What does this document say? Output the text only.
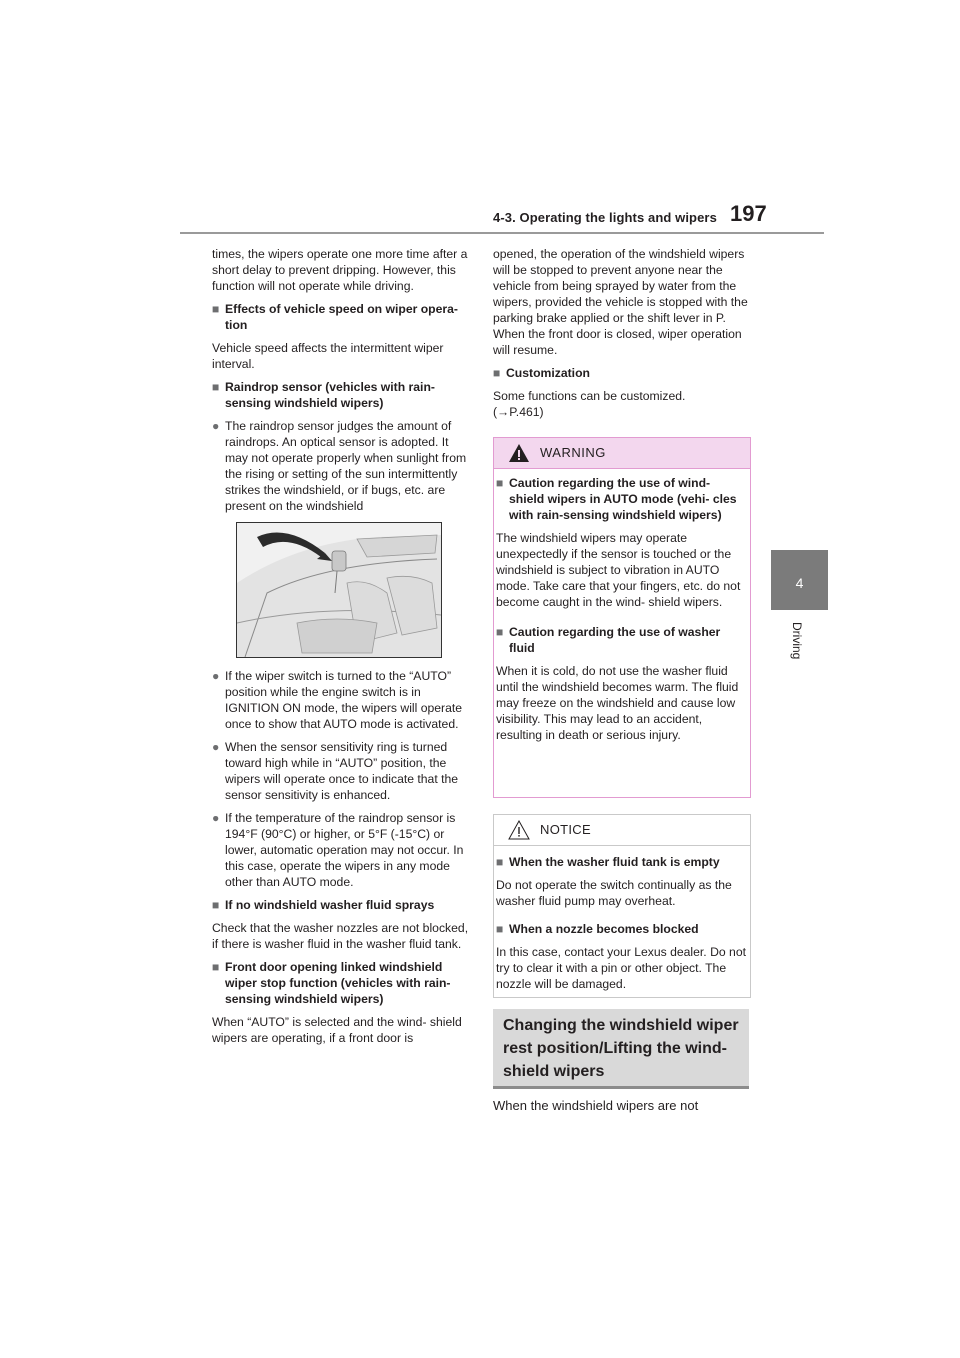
4-3. Operating the lights and wipers 197
4
Driving

times, the wipers operate one more time after a short delay to prevent dripping. However, this function will not operate while driving.

■ Effects of vehicle speed on wiper opera- tion

Vehicle speed affects the intermittent wiper interval.

■ Raindrop sensor (vehicles with rain-sensing windshield wipers)
● The raindrop sensor judges the amount of raindrops. An optical sensor is adopted. It may not operate properly when sunlight from the rising or setting of the sun intermittently strikes the windshield, or if bugs, etc. are present on the windshield
● If the wiper switch is turned to the “AUTO” position while the engine switch is in IGNITION ON mode, the wipers will operate once to show that AUTO mode is activated.
● When the sensor sensitivity ring is turned toward high while in “AUTO” position, the wipers will operate once to indicate that the sensor sensitivity is enhanced.
● If the temperature of the raindrop sensor is 194°F (90°C) or higher, or 5°F (-15°C) or lower, automatic operation may not occur. In this case, operate the wipers in any mode other than AUTO mode.
■ If no windshield washer fluid sprays

Check that the washer nozzles are not blocked, if there is washer fluid in the washer fluid tank.

■ Front door opening linked windshield wiper stop function (vehicles with rain-sensing windshield wipers)

When “AUTO” is selected and the wind- shield wipers are operating, if a front door is

opened, the operation of the windshield wipers will be stopped to prevent anyone near the vehicle from being sprayed by water from the wipers, provided the vehicle is stopped with the parking brake applied or the shift lever in P. When the front door is closed, wiper operation will resume.

■ Customization

Some functions can be customized.
(→P.461)

WARNING
■ Caution regarding the use of wind- shield wipers in AUTO mode (vehi- cles with rain-sensing windshield wipers)

The windshield wipers may operate unexpectedly if the sensor is touched or the windshield is subject to vibration in AUTO mode. Take care that your fingers, etc. do not become caught in the wind- shield wipers.

■ Caution regarding the use of washer fluid

When it is cold, do not use the washer fluid until the windshield becomes warm. The fluid may freeze on the windshield and cause low visibility. This may lead to an accident, resulting in death or serious injury.

NOTICE
■ When the washer fluid tank is empty

Do not operate the switch continually as the washer fluid pump may overheat.

■ When a nozzle becomes blocked

In this case, contact your Lexus dealer. Do not try to clear it with a pin or other object. The nozzle will be damaged.

Changing the windshield wiper rest position/Lifting the wind- shield wipers
When the windshield wipers are not
